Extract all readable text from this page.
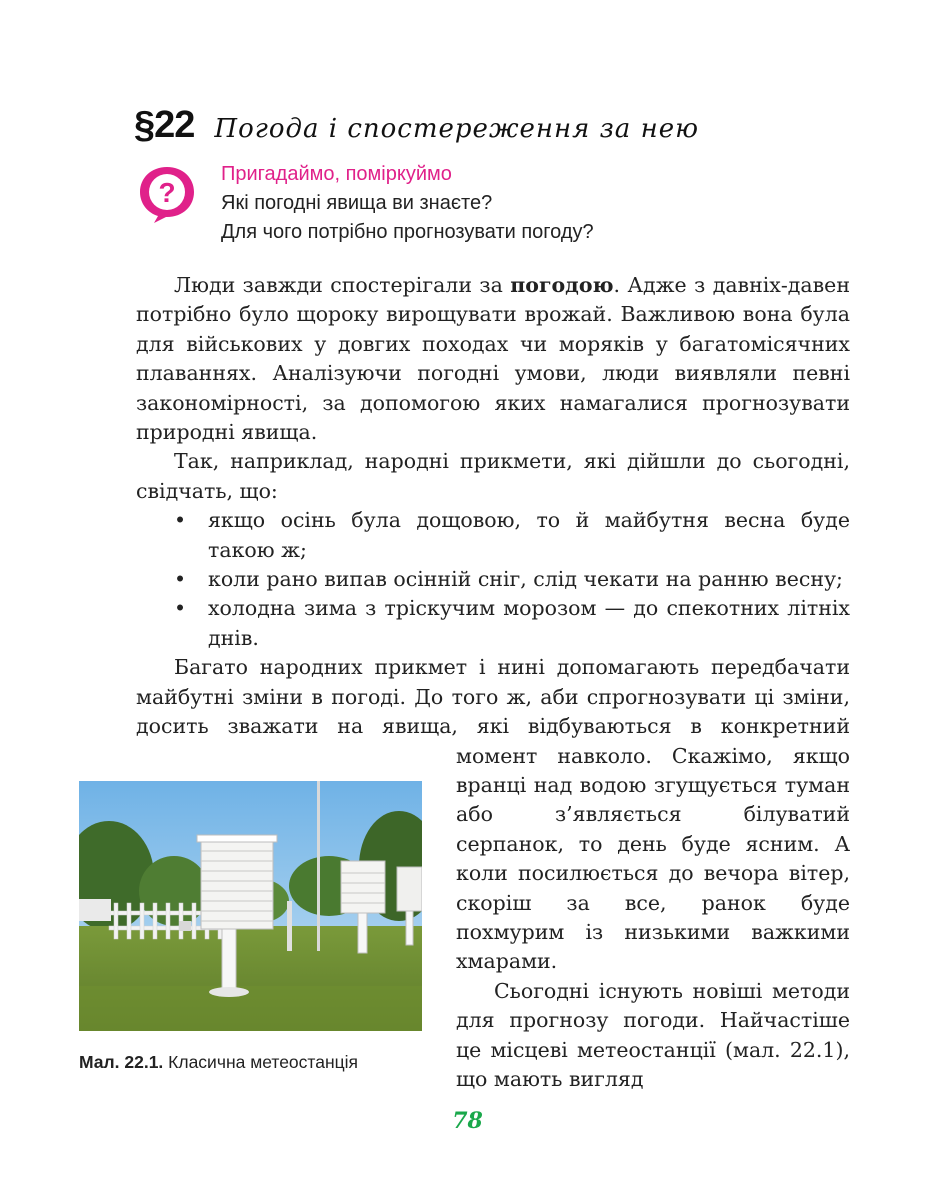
§22 Погода і спостереження за нею
?
Пригадаймо, поміркуймо
Які погодні явища ви знаєте?
Для чого потрібно прогнозувати погоду?
Мал. 22.1. Класична метеостанція

Люди завжди спостерігали за погодою. Адже з давніх-давен потрібно було щороку вирощувати врожай. Важливою вона була для військових у довгих походах чи моряків у багатомісячних плаваннях. Аналізуючи погодні умови, люди виявляли певні закономірності, за допомогою яких намагалися прогнозувати природні явища.

Так, наприклад, народні прикмети, які дійшли до сьогодні, свідчать, що:

• якщо осінь була дощовою, то й майбутня весна буде такою ж;
• коли рано випав осінній сніг, слід чекати на ранню весну;
• холодна зима з тріскучим морозом — до спекотних літніх днів.

Багато народних прикмет і нині допомагають передбачати майбутні зміни в погоді. До того ж, аби спрогнозувати ці зміни, досить зважати на явища, які відбуваються в конкретний момент навколо. Скажімо, якщо вранці над водою згущується туман або з’являється білуватий серпанок, то день буде ясним. А коли посилюється до вечора вітер, скоріш за все, ранок буде похмурим із низькими важкими хмарами.

Сьогодні існують новіші методи для прогнозу погоди. Найчастіше це місцеві метеостанції (мал. 22.1), що мають вигляд

78
